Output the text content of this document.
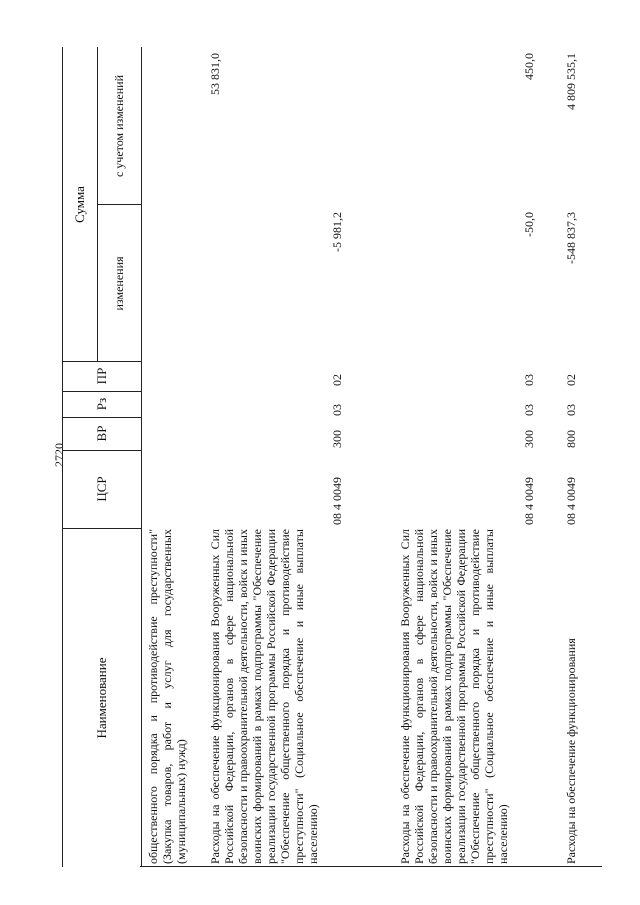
2720
Наименование
ЦСР
ВР
Рз
ПР
Сумма
изменения
с учетом изменений
общественного порядка и противодействие преступности" (Закупка товаров, работ и услуг для государственных (муниципальных) нужд) Расходы на обеспечение функционирования Вооруженных Сил Российской Федерации, органов в сфере национальной безопасности и правоохранительной деятельности, войск и иных воинских формирований в рамках подпрограммы "Обеспечение реализации государственной программы Российской Федерации "Обеспечение общественного порядка и противодействие преступности" (Социальное обеспечение и иные выплаты населению)
08 4 0049
300
03
02
-5 981,2
53 831,0
Расходы на обеспечение функционирования Вооруженных Сил Российской Федерации, органов в сфере национальной безопасности и правоохранительной деятельности, войск и иных воинских формирований в рамках подпрограммы "Обеспечение реализации государственной программы Российской Федерации "Обеспечение общественного порядка и противодействие преступности" (Социальное обеспечение и иные выплаты населению)
08 4 0049
300
03
03
-50,0
450,0
Расходы на обеспечение функционирования
08 4 0049
800
03
02
-548 837,3
4 809 535,1
